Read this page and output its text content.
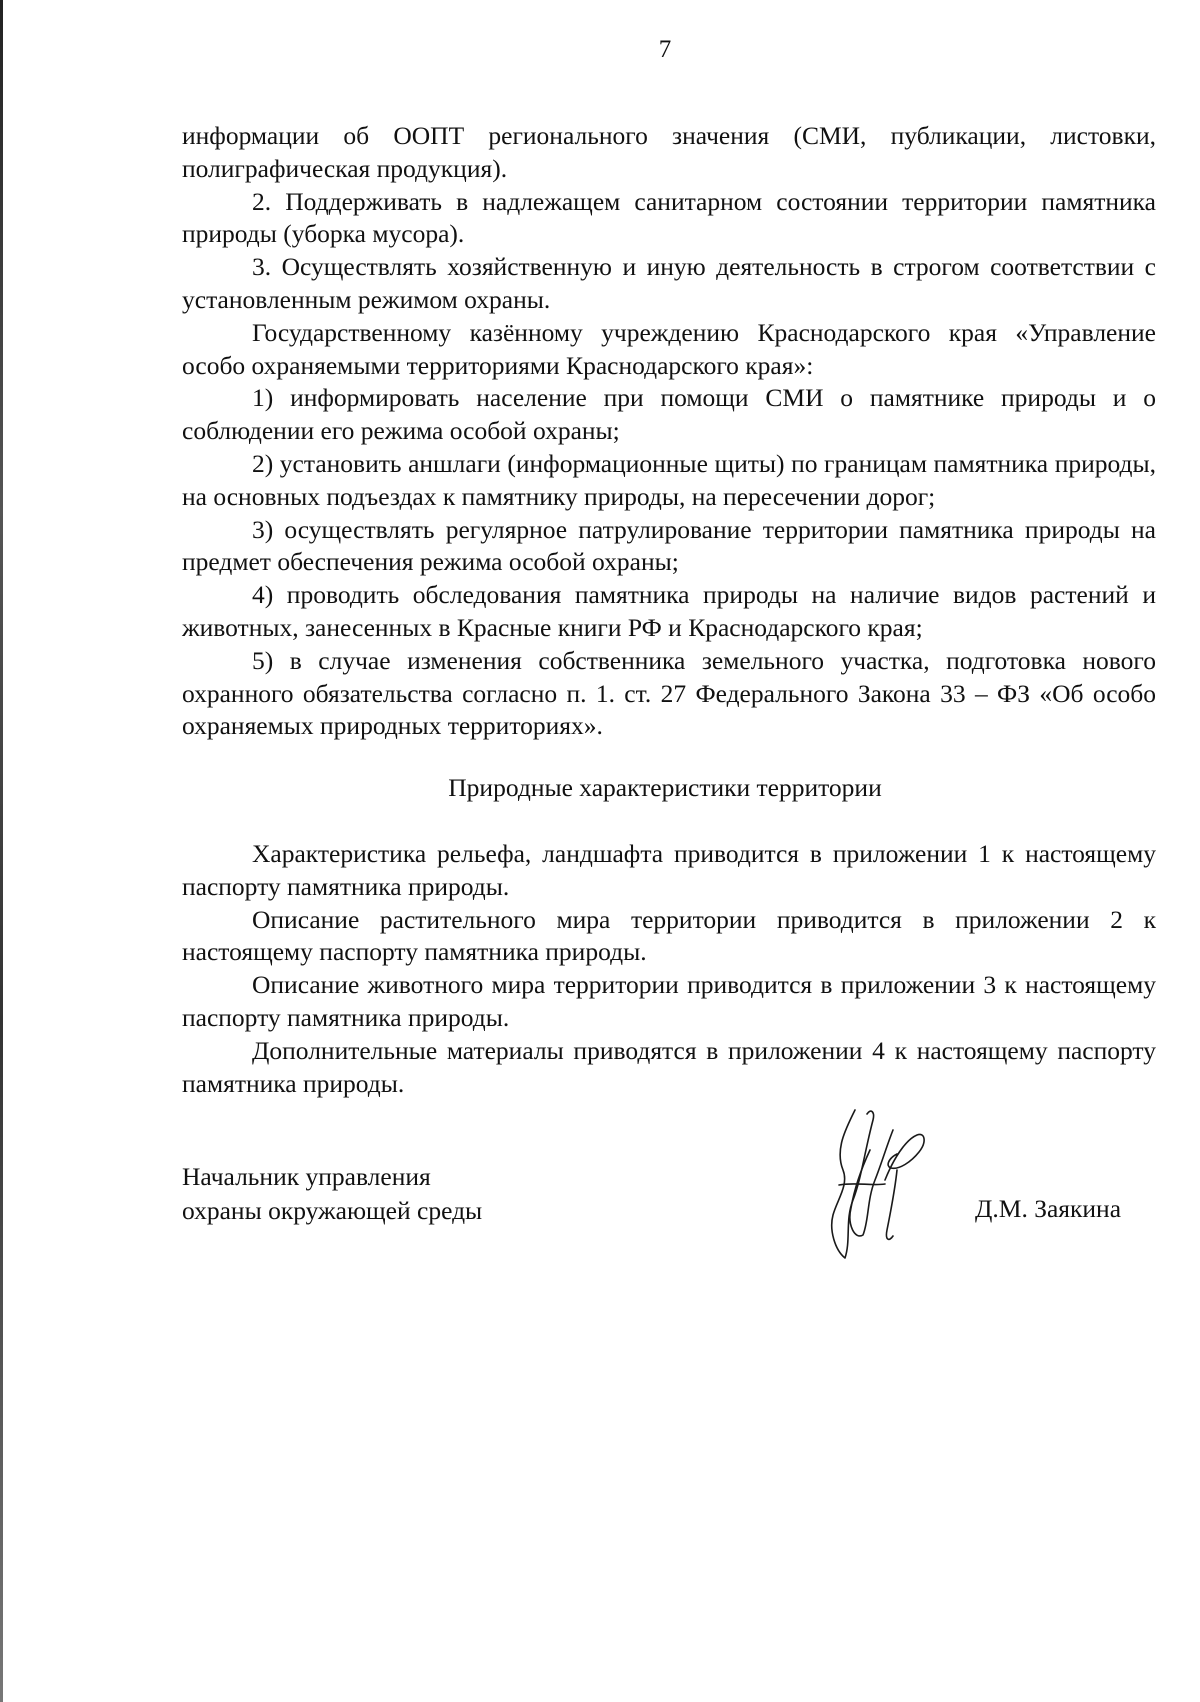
7

информации об ООПТ регионального значения (СМИ, публикации, листовки, полиграфическая продукция).

2. Поддерживать в надлежащем санитарном состоянии территории памятника природы (уборка мусора).

3. Осуществлять хозяйственную и иную деятельность в строгом соответствии с установленным режимом охраны.

Государственному казённому учреждению Краснодарского края «Управление особо охраняемыми территориями Краснодарского края»:

1) информировать население при помощи СМИ о памятнике природы и о соблюдении его режима особой охраны;

2) установить аншлаги (информационные щиты) по границам памятника природы, на основных подъездах к памятнику природы, на пересечении дорог;

3) осуществлять регулярное патрулирование территории памятника природы на предмет обеспечения режима особой охраны;

4) проводить обследования памятника природы на наличие видов растений и животных, занесенных в Красные книги РФ и Краснодарского края;

5) в случае изменения собственника земельного участка, подготовка нового охранного обязательства согласно п. 1. ст. 27 Федерального Закона 33 – ФЗ «Об особо охраняемых природных территориях».

Природные характеристики территории

Характеристика рельефа, ландшафта приводится в приложении 1 к настоящему паспорту памятника природы.

Описание растительного мира территории приводится в приложении 2 к настоящему паспорту памятника природы.

Описание животного мира территории приводится в приложении 3 к настоящему паспорту памятника природы.

Дополнительные материалы приводятся в приложении 4 к настоящему паспорту памятника природы.

Начальник управления
охраны окружающей среды	Д.М. Заякина
